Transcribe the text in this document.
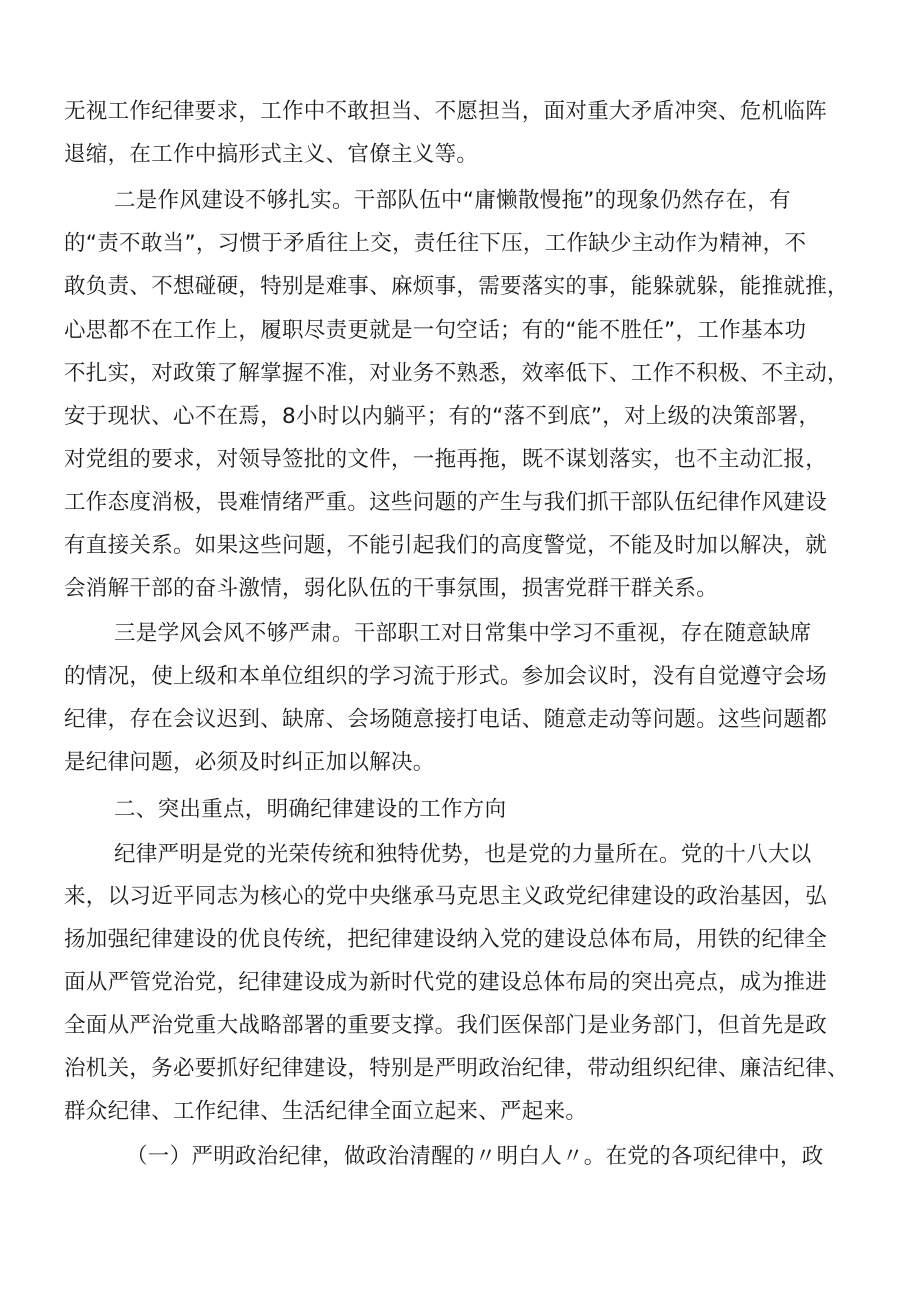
无视工作纪律要求，工作中不敢担当、不愿担当，面对重大矛盾冲突、危机临阵
退缩，在工作中搞形式主义、官僚主义等。
二是作风建设不够扎实。干部队伍中“庸懒散慢拖”的现象仍然存在，有
的“责不敢当”，习惯于矛盾往上交，责任往下压，工作缺少主动作为精神，不
敢负责、不想碰硬，特别是难事、麻烦事，需要落实的事，能躲就躲，能推就推，
心思都不在工作上，履职尽责更就是一句空话；有的“能不胜任”，工作基本功
不扎实，对政策了解掌握不准，对业务不熟悉，效率低下、工作不积极、不主动，
安于现状、心不在焉，8小时以内躺平；有的“落不到底”，对上级的决策部署，
对党组的要求，对领导签批的文件，一拖再拖，既不谋划落实，也不主动汇报，
工作态度消极，畏难情绪严重。这些问题的产生与我们抓干部队伍纪律作风建设
有直接关系。如果这些问题，不能引起我们的高度警觉，不能及时加以解决，就
会消解干部的奋斗激情，弱化队伍的干事氛围，损害党群干群关系。
三是学风会风不够严肃。干部职工对日常集中学习不重视，存在随意缺席
的情况，使上级和本单位组织的学习流于形式。参加会议时，没有自觉遵守会场
纪律，存在会议迟到、缺席、会场随意接打电话、随意走动等问题。这些问题都
是纪律问题，必须及时纠正加以解决。
二、突出重点，明确纪律建设的工作方向
纪律严明是党的光荣传统和独特优势，也是党的力量所在。党的十八大以
来，以习近平同志为核心的党中央继承马克思主义政党纪律建设的政治基因，弘
扬加强纪律建设的优良传统，把纪律建设纳入党的建设总体布局，用铁的纪律全
面从严管党治党，纪律建设成为新时代党的建设总体布局的突出亮点，成为推进
全面从严治党重大战略部署的重要支撑。我们医保部门是业务部门，但首先是政
治机关，务必要抓好纪律建设，特别是严明政治纪律，带动组织纪律、廉洁纪律、
群众纪律、工作纪律、生活纪律全面立起来、严起来。
（一）严明政治纪律，做政治清醒的〃明白人〃。在党的各项纪律中，政
